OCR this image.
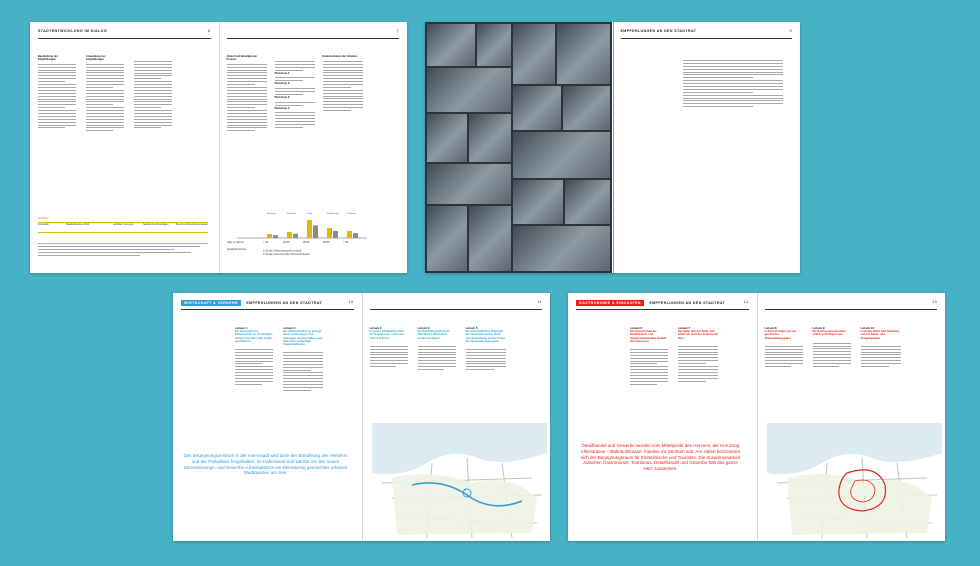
STADTENTWICKLUNG IM DIALOG	6
Bearbeitung der Empfehlungen
Anwendung der Empfehlungen
BEREICH
Innenstadt	Stadtteilquartiere 2014	Leitbilder, Konzepte	Stadtteil-Fachgrundlagen	Bereiche Entwicklungsstrategie
7
Ablauf und Beteiligte am Prozess
Workshop 1:
Workshop 2:
Workshop 3:
Workshop 4:
Dokumentation der Arbeiten
Alter in Jahren	< 20	20-35	35-50	50-65	> 65
Stadtgrößenklasse
in 50 allen Wohnortgruppe/Innenstadt
in 50 allen Gemeinschaften/Wirtschaftsbetrieb
Marketing	Wirtschaft	Kultur	Stadtplanung	Tourismus
EMPFEHLUNGEN AN DEN STADTRAT	9
WIRTSCHAFT & VERKEHR EMPFEHLUNGEN AN DEN STADTRAT	10
Leitsatz 1:
Die Innenstadt ans Bodenseeufer ist ein lebhaftes Zentrum für Wirtschaft, Kultur und Wohnen.
Leitsatz 2:
Der Hafenareal Rorf ist geprägt durch umfassungen Frei- nutzungen und das Hafen- areal Süd durch nachhaltige Tangentialdienste.
Das Begegnungszentrum in der Innenstadt wird dank der Bündelung des Verkehrs und der Parkplätze freigehalten. Im Hafenareal Süd wächst mit den neuen Dienstleistungs- und Gewerbe-Arbeitsplätzen ein kleinräumig gemischtes urbanes Stadtquartier am See.
11
Leitsatz 3:
In grünen Stadtgebiet erlebt der Begegnungs- raum eine höhere Präsenz.
Leitsatz 4:
Die Mobilitätsangebote im öffentlichen Nahverkehr werden gesteigert.
Leitsatz 5:
Die wirtschaftlichen Potentiale der Innenstadt werden durch eine Realisierung auf dem Rand der Innenstadt angesiedelt.
GASTRONOMIE & EINKAUFEN EMPFEHLUNGEN AN DEN STADTRAT	12
Leitsatz 6:
Die Gemeinschaft der Detailhandels- und Gastronomiebetriebe bündelt ihre Interessen.
Leitsatz 7:
Der Hafen und das Stadt- bad bilden ein zentrales Zentrum mit Herz.
Detailhandel und Gewerbe werden vom Mittelpunkt des Herzens, der Kreuzung Alleestrasse – Bahnhofstrasse, Impulse ins Zentrum aus. Am Hafen konzentriert sich der Begegnungsraum für Einheimische und Touristen. Die Zusammenarbeit zwischen Gastronomie, Tourismus, Detailhandel und Gewerbe hält das ganze Herz zusammen.
13
Leitsatz 8:
In Zentrum bildet sich ein gesichertes Alleinstellungsgebiet.
Leitsatz 9:
Die Gastronomie am Hafen strahlt in die Region aus.
Leitsatz 10:
Im Gebiet Hafen Süd entwickelt sich ein Kultur- und Ausgehangebot.
